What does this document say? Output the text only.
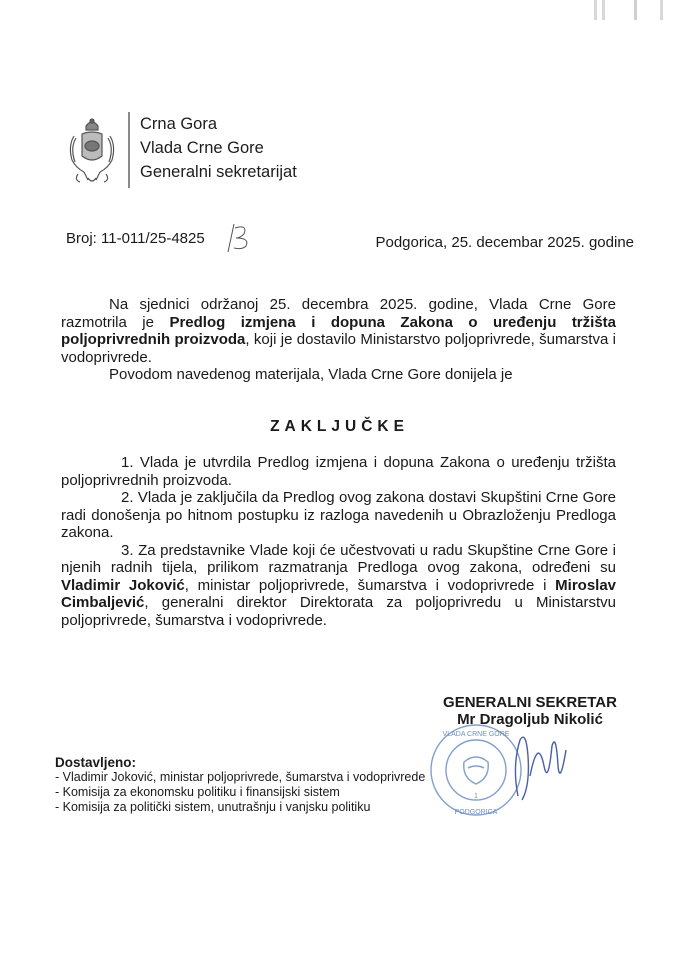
Crna Gora
Vlada Crne Gore
Generalni sekretarijat
Broj: 11-011/25-4825	Podgorica, 25. decembar 2025. godine

Na sjednici održanoj 25. decembra 2025. godine, Vlada Crne Gore razmotrila je Predlog izmjena i dopuna Zakona o uređenju tržišta poljoprivrednih proizvoda, koji je dostavilo Ministarstvo poljoprivrede, šumarstva i vodoprivrede.

Povodom navedenog materijala, Vlada Crne Gore donijela je

ZAKLJUČKE

1. Vlada je utvrdila Predlog izmjena i dopuna Zakona o uređenju tržišta poljoprivrednih proizvoda.

2. Vlada je zaključila da Predlog ovog zakona dostavi Skupštini Crne Gore radi donošenja po hitnom postupku iz razloga navedenih u Obrazloženju Predloga zakona.

3. Za predstavnike Vlade koji će učestvovati u radu Skupštine Crne Gore i njenih radnih tijela, prilikom razmatranja Predloga ovog zakona, određeni su Vladimir Joković, ministar poljoprivrede, šumarstva i vodoprivrede i Miroslav Cimbaljević, generalni direktor Direktorata za poljoprivredu u Ministarstvu poljoprivrede, šumarstva i vodoprivrede.

PODGORICA
1
VLADA CRNE GORE
GENERALNI SEKRETAR
Mr Dragoljub Nikolić
Dostavljeno:
- Vladimir Joković, ministar poljoprivrede, šumarstva i vodoprivrede
- Komisija za ekonomsku politiku i finansijski sistem
- Komisija za politički sistem, unutrašnju i vanjsku politiku
